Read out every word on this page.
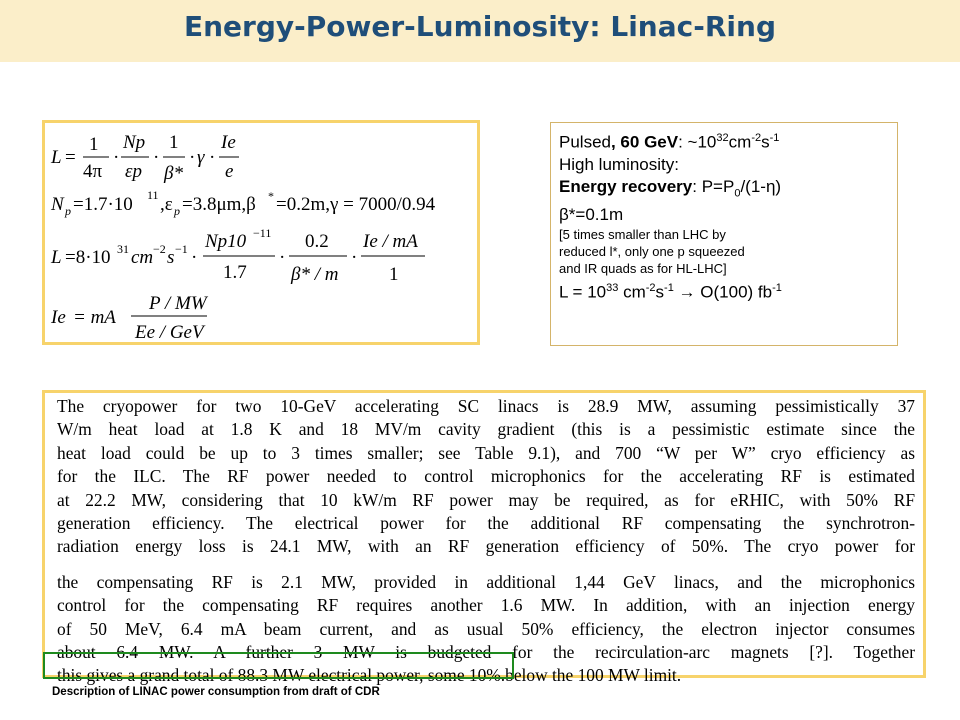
Energy-Power-Luminosity: Linac-Ring
L =
1
4π
·
Np
εp
·
1
β*
· γ ·
Ie
e
N p =1.7·10 11 ,ε p =3.8μm,β * =0.2m,γ = 7000/0.94
L =8·10 31 cm −2 s −1 ·
Np10 −11
1.7
·
0.2
β* / m
·
Ie / mA
1
Ie = mA
P / MW
Ee / GeV
Pulsed, 60 GeV: $\sim 10^{32}cm^{-2}s^{-1}$
High luminosity:
Energy recovery: $P=P_0/(1-\eta)$
β*=0.1m
[5 times smaller than LHC by
reduced l*, only one p squeezed
and IR quads as for HL-LHC]
$L = 10^{33}$ $cm^{-2}s^{-1} \to O(100)$ $fb^{-1}$
The cryopower for two 10-GeV accelerating SC linacs is 28.9 MW, assuming pessimistically 37
W/m heat load at 1.8 K and 18 MV/m cavity gradient (this is a pessimistic estimate since the
heat load could be up to 3 times smaller; see Table 9.1), and 700 “W per W” cryo efficiency as
for the ILC. The RF power needed to control microphonics for the accelerating RF is estimated
at 22.2 MW, considering that 10 kW/m RF power may be required, as for eRHIC, with 50% RF
generation efficiency. The electrical power for the additional RF compensating the synchrotron-
radiation energy loss is 24.1 MW, with an RF generation efficiency of 50%. The cryo power for
the compensating RF is 2.1 MW, provided in additional 1,44 GeV linacs, and the microphonics
control for the compensating RF requires another 1.6 MW. In addition, with an injection energy
of 50 MeV, 6.4 mA beam current, and as usual 50% efficiency, the electron injector consumes
about 6.4 MW. A further 3 MW is budgeted for the recirculation-arc magnets [?]. Together
this gives a grand total of 88.3 MW electrical power, some 10%.below the 100 MW limit.
Description of LINAC power consumption from draft of CDR
